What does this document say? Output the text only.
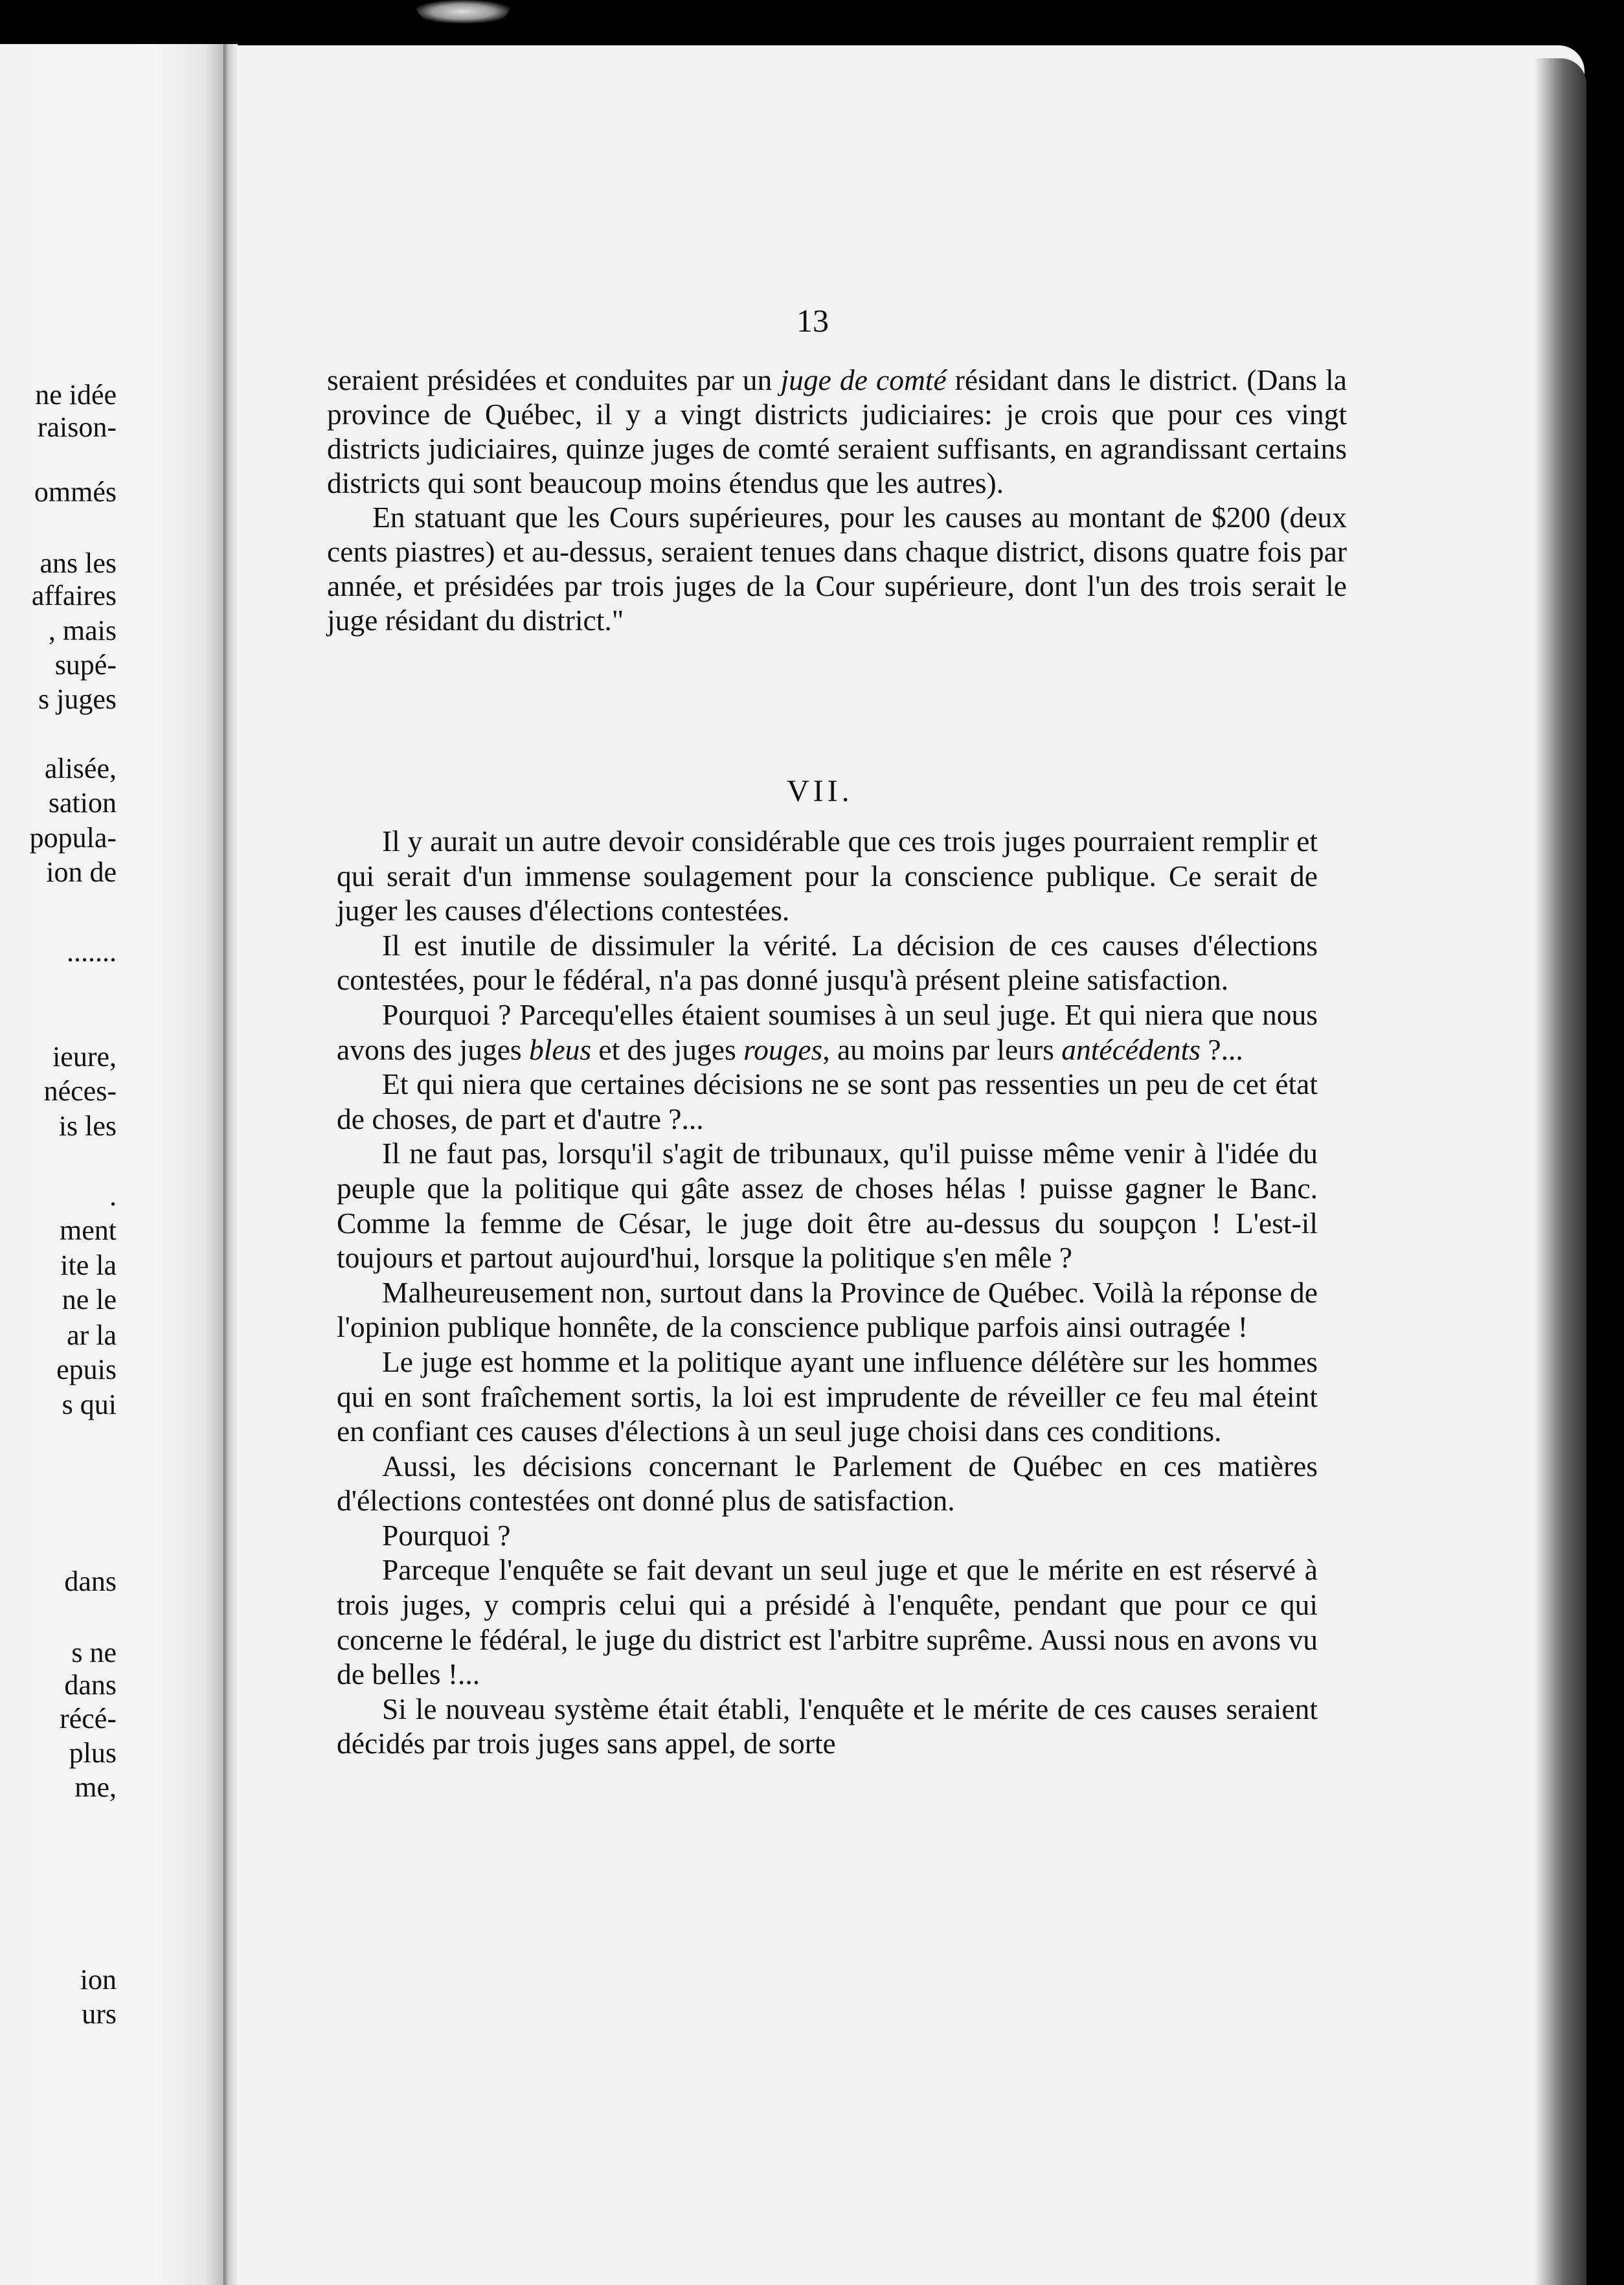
ne idée
raison-
ommés
ans les
affaires
, mais
supé-
s juges
alisée,
sation
popula-
ion de
.......
ieure,
néces-
is les
.
ment
ite la
ne le
ar la
epuis
s qui
dans
s ne
dans
récé-
plus
me,
ion
urs
13

seraient présidées et conduites par un juge de comté résidant dans le district. (Dans la province de Québec, il y a vingt districts judiciaires: je crois que pour ces vingt districts judiciaires, quinze juges de comté seraient suffisants, en agrandissant certains districts qui sont beaucoup moins étendus que les autres).

En statuant que les Cours supérieures, pour les causes au montant de $200 (deux cents piastres) et au-dessus, seraient tenues dans chaque district, disons quatre fois par année, et présidées par trois juges de la Cour supérieure, dont l'un des trois serait le juge résidant du district."

VII.

Il y aurait un autre devoir considérable que ces trois juges pourraient remplir et qui serait d'un immense soulagement pour la conscience publique. Ce serait de juger les causes d'élections contestées.

Il est inutile de dissimuler la vérité. La décision de ces causes d'élections contestées, pour le fédéral, n'a pas donné jusqu'à présent pleine satisfaction.

Pourquoi ? Parcequ'elles étaient soumises à un seul juge. Et qui niera que nous avons des juges bleus et des juges rouges, au moins par leurs antécédents ?...

Et qui niera que certaines décisions ne se sont pas ressenties un peu de cet état de choses, de part et d'autre ?...

Il ne faut pas, lorsqu'il s'agit de tribunaux, qu'il puisse même venir à l'idée du peuple que la politique qui gâte assez de choses hélas ! puisse gagner le Banc. Comme la femme de César, le juge doit être au-dessus du soupçon ! L'est-il toujours et partout aujourd'hui, lorsque la politique s'en mêle ?

Malheureusement non, surtout dans la Province de Québec. Voilà la réponse de l'opinion publique honnête, de la conscience publique parfois ainsi outragée !

Le juge est homme et la politique ayant une influence délétère sur les hommes qui en sont fraîchement sortis, la loi est imprudente de réveiller ce feu mal éteint en confiant ces causes d'élections à un seul juge choisi dans ces conditions.

Aussi, les décisions concernant le Parlement de Québec en ces matières d'élections contestées ont donné plus de satisfaction.

Pourquoi ?

Parceque l'enquête se fait devant un seul juge et que le mérite en est réservé à trois juges, y compris celui qui a présidé à l'enquête, pendant que pour ce qui concerne le fédéral, le juge du district est l'arbitre suprême. Aussi nous en avons vu de belles !...

Si le nouveau système était établi, l'enquête et le mérite de ces causes seraient décidés par trois juges sans appel, de sorte
